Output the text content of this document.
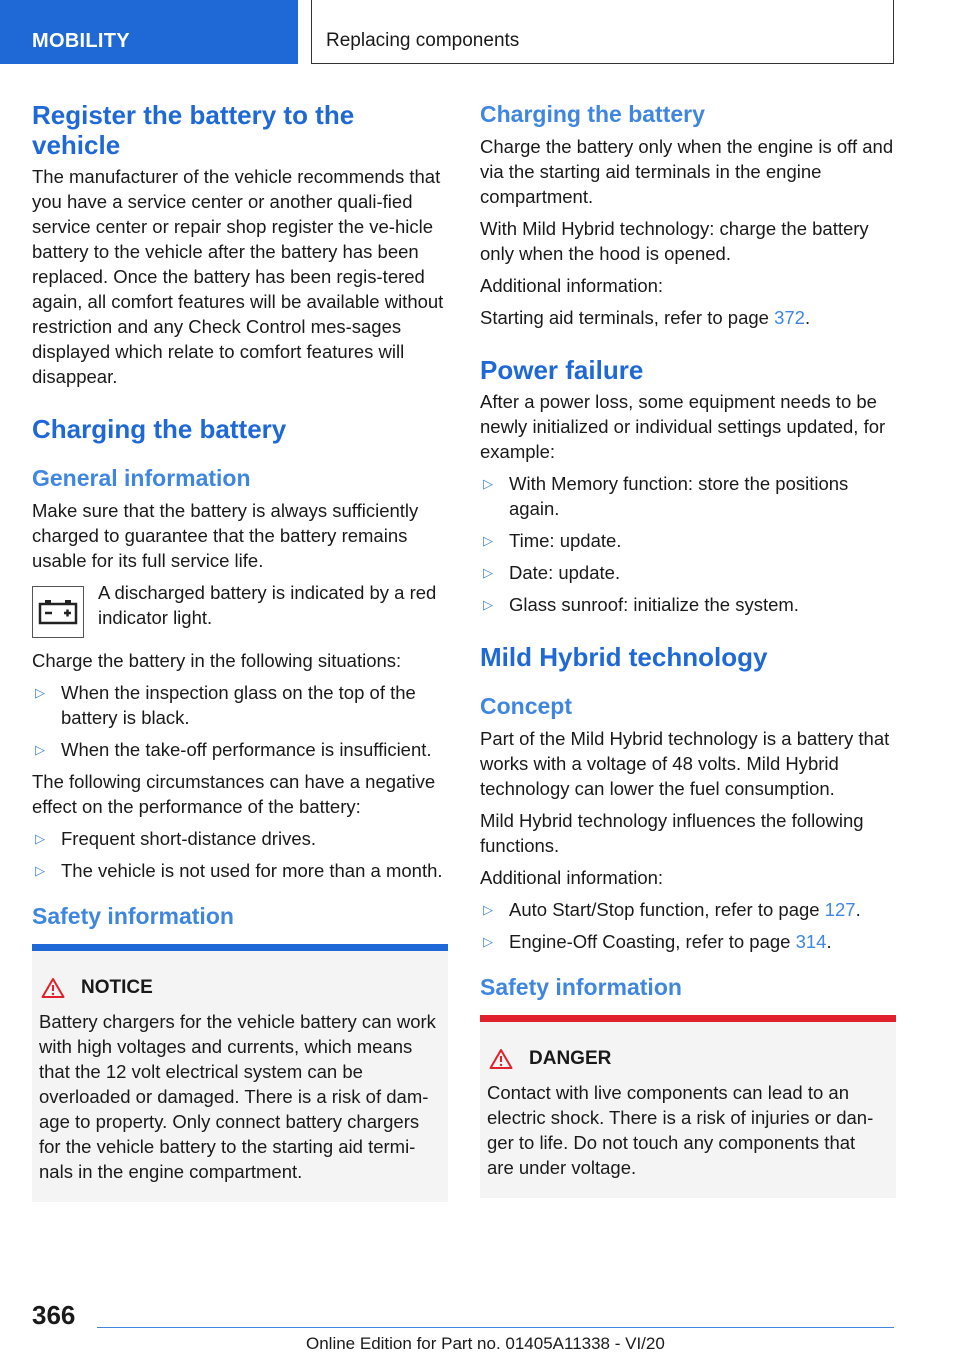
MOBILITY	Replacing components
Register the battery to the vehicle

The manufacturer of the vehicle recommends that you have a service center or another quali-fied service center or repair shop register the ve-hicle battery to the vehicle after the battery has been replaced. Once the battery has been regis-tered again, all comfort features will be available without restriction and any Check Control mes-sages displayed which relate to comfort features will disappear.

Charging the battery
General information

Make sure that the battery is always sufficiently charged to guarantee that the battery remains usable for its full service life.

A discharged battery is indicated by a red indicator light.

Charge the battery in the following situations:

▷ When the inspection glass on the top of the battery is black.
▷ When the take-off performance is insufficient.

The following circumstances can have a negative effect on the performance of the battery:

▷ Frequent short-distance drives.
▷ The vehicle is not used for more than a month.
Safety information
NOTICE

Battery chargers for the vehicle battery can work with high voltages and currents, which means that the 12 volt electrical system can be overloaded or damaged. There is a risk of dam-age to property. Only connect battery chargers for the vehicle battery to the starting aid termi-nals in the engine compartment.

Charging the battery

Charge the battery only when the engine is off and via the starting aid terminals in the engine compartment.

With Mild Hybrid technology: charge the battery only when the hood is opened.

Additional information:

Starting aid terminals, refer to page 372.

Power failure

After a power loss, some equipment needs to be newly initialized or individual settings updated, for example:

▷ With Memory function: store the positions again.
▷ Time: update.
▷ Date: update.
▷ Glass sunroof: initialize the system.
Mild Hybrid technology
Concept

Part of the Mild Hybrid technology is a battery that works with a voltage of 48 volts. Mild Hybrid technology can lower the fuel consumption.

Mild Hybrid technology influences the following functions.

Additional information:

▷ Auto Start/Stop function, refer to page 127.
▷ Engine-Off Coasting, refer to page 314.
Safety information
DANGER

Contact with live components can lead to an electric shock. There is a risk of injuries or dan-ger to life. Do not touch any components that are under voltage.

366
Online Edition for Part no. 01405A11338 - VI/20
